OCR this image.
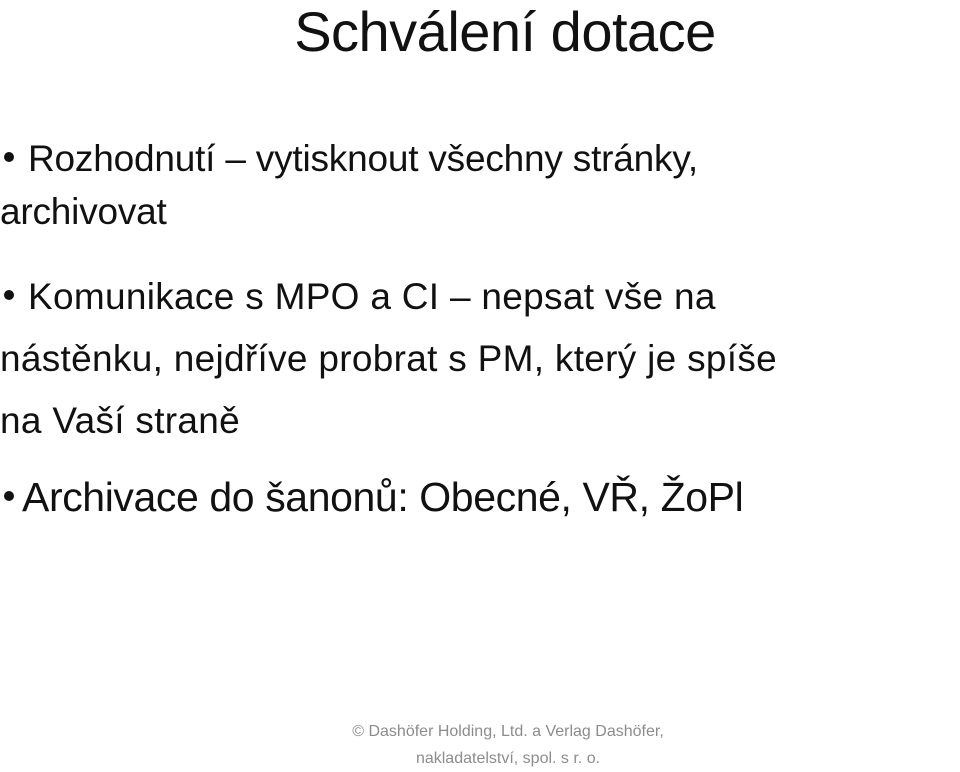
Schválení dotace
Rozhodnutí – vytisknout všechny stránky,
archivovat
Komunikace s MPO a CI – nepsat vše na
nástěnku, nejdříve probrat s PM, který je spíše
na Vaší straně
Archivace do šanonů: Obecné, VŘ, ŽoPl
© Dashöfer Holding, Ltd. a Verlag Dashöfer,
nakladatelství, spol. s r. o.
